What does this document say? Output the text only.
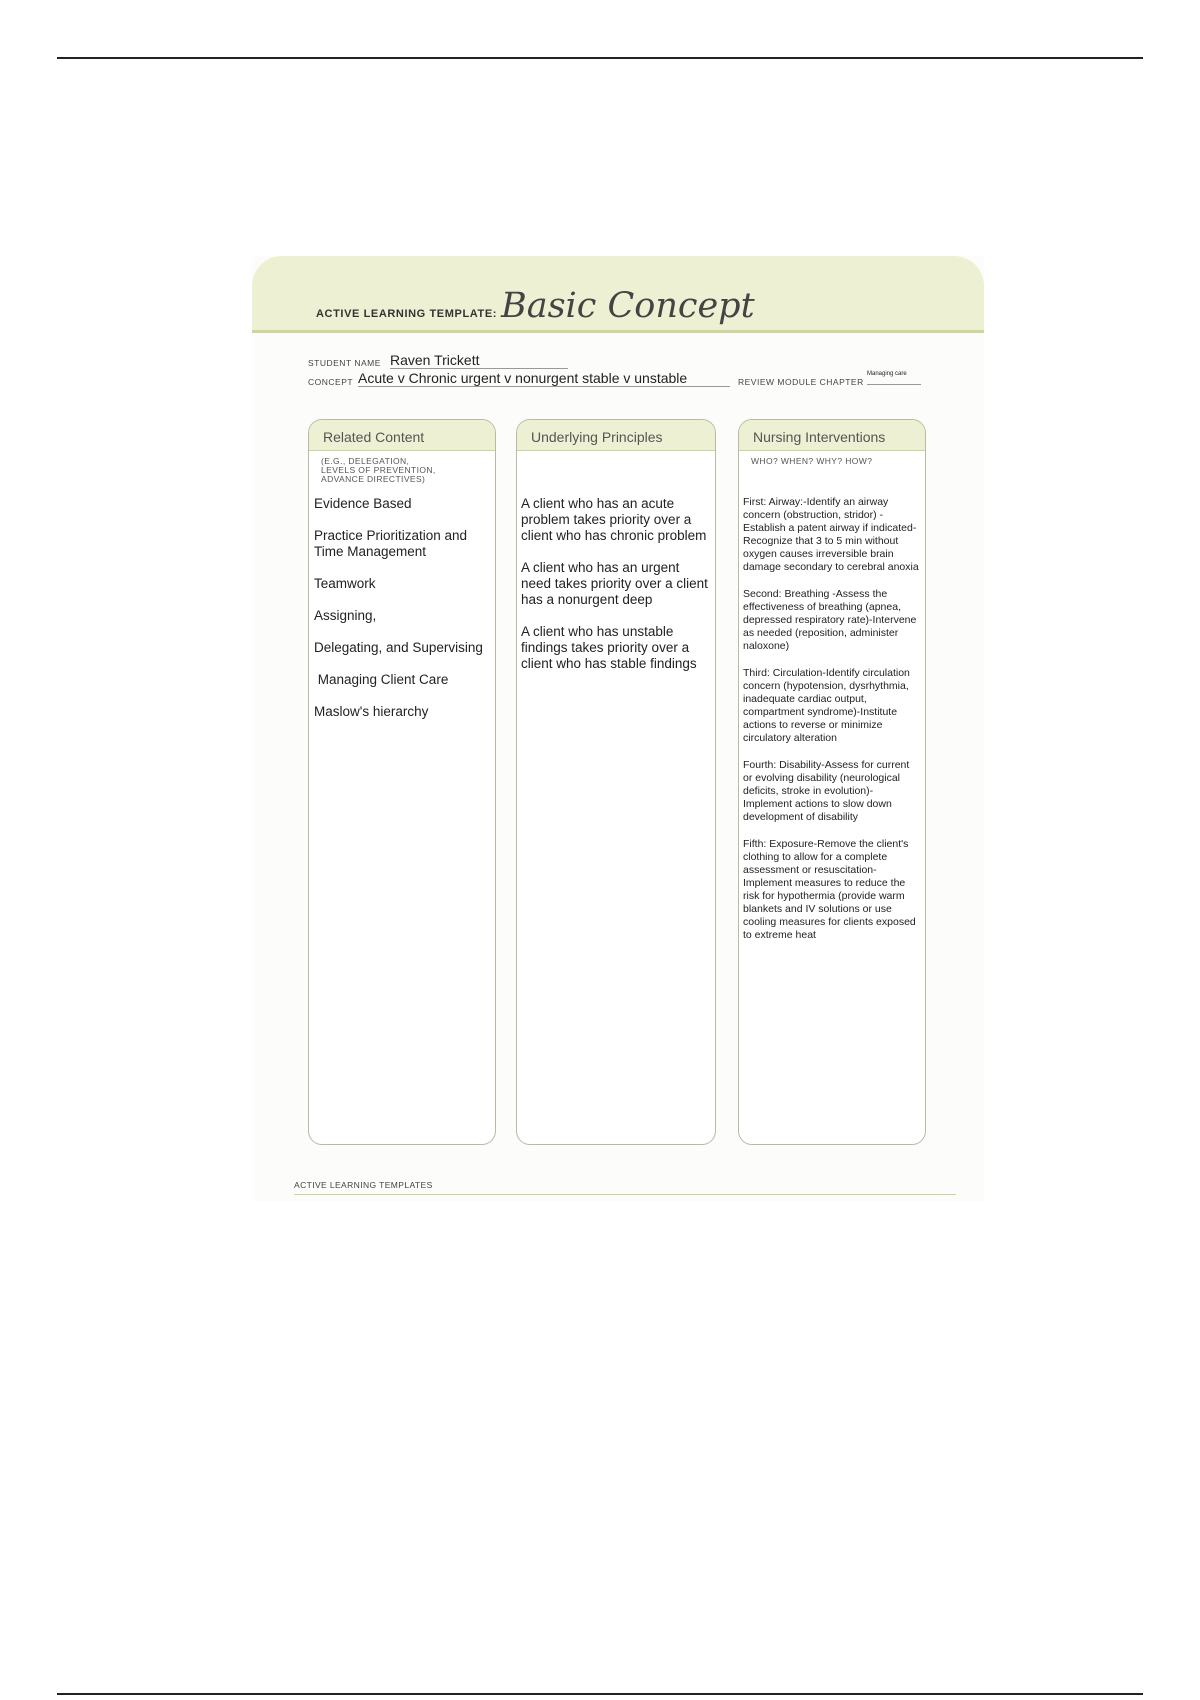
ACTIVE LEARNING TEMPLATE: Basic Concept
STUDENT NAME Raven Trickett
CONCEPT Acute v Chronic urgent v nonurgent stable v unstable	REVIEW MODULE CHAPTER
Managing care
Related Content
(E.G., DELEGATION,
LEVELS OF PREVENTION,
ADVANCE DIRECTIVES)
Evidence Based
Practice Prioritization and Time Management
Teamwork
Assigning,
Delegating, and Supervising
Managing Client Care
Maslow's hierarchy
Underlying Principles
A client who has an acute problem takes priority over a client who has chronic problem
A client who has an urgent need takes priority over a client has a nonurgent deep
A client who has unstable findings takes priority over a client who has stable findings
Nursing Interventions
WHO? WHEN? WHY? HOW?
First: Airway:-Identify an airway concern (obstruction, stridor) -Establish a patent airway if indicated-Recognize that 3 to 5 min without oxygen causes irreversible brain damage secondary to cerebral anoxia
Second: Breathing -Assess the effectiveness of breathing (apnea, depressed respiratory rate)-Intervene as needed (reposition, administer naloxone)
Third: Circulation-Identify circulation concern (hypotension, dysrhythmia, inadequate cardiac output, compartment syndrome)-Institute actions to reverse or minimize circulatory alteration
Fourth: Disability-Assess for current or evolving disability (neurological deficits, stroke in evolution)-Implement actions to slow down development of disability
Fifth: Exposure-Remove the client's clothing to allow for a complete assessment or resuscitation-Implement measures to reduce the risk for hypothermia (provide warm blankets and IV solutions or use cooling measures for clients exposed to extreme heat
ACTIVE LEARNING TEMPLATES
